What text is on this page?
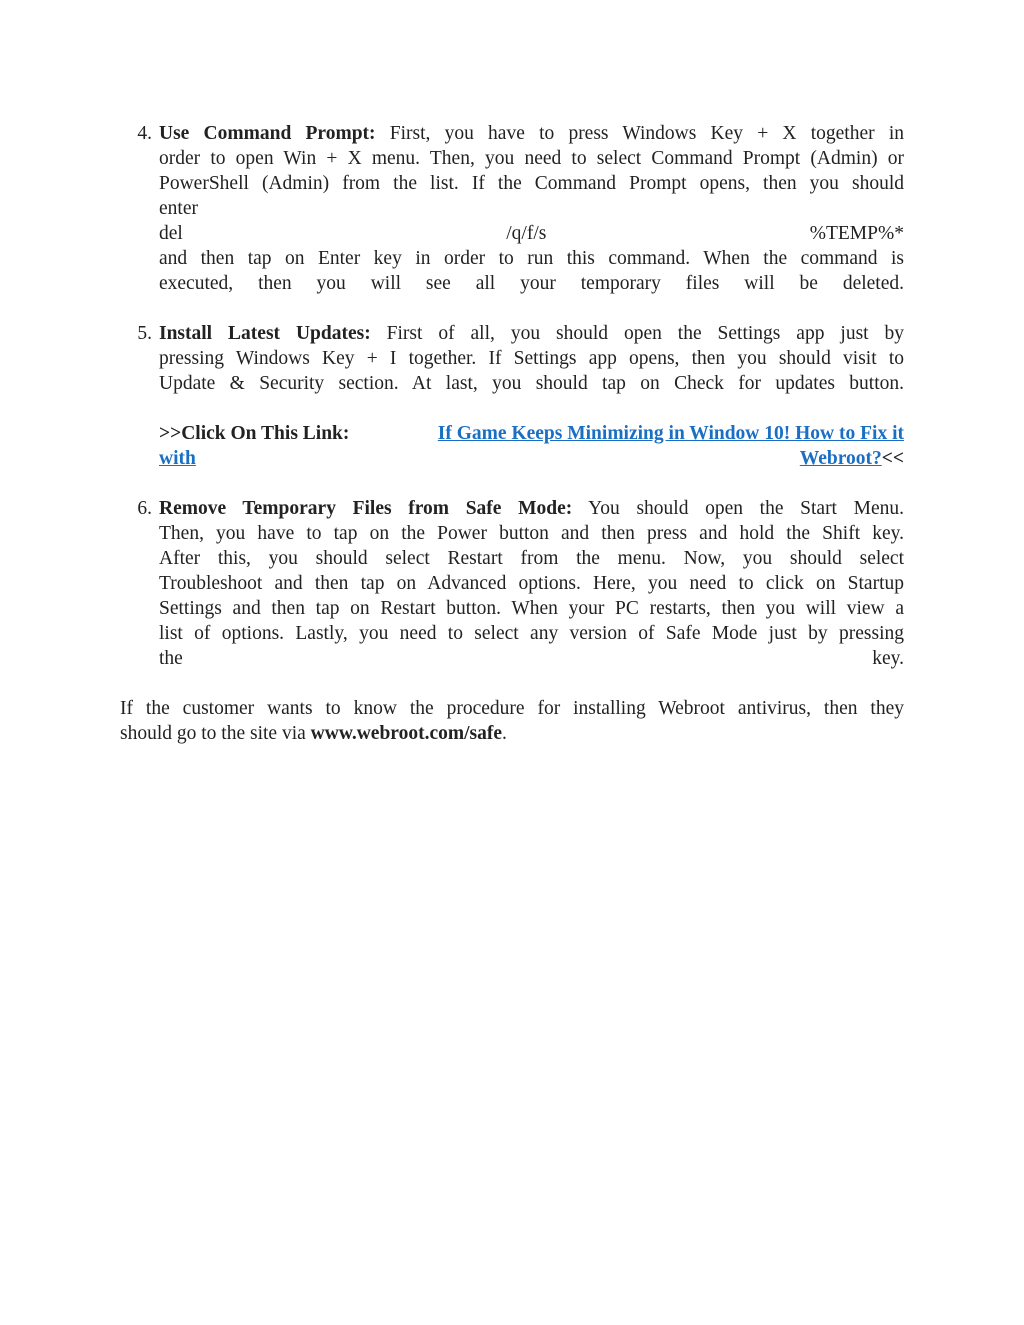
4. Use Command Prompt: First, you have to press Windows Key + X together in
order to open Win + X menu. Then, you need to select Command Prompt (Admin) or
PowerShell (Admin) from the list. If the Command Prompt opens, then you should
enter
del	/q/f/s	%TEMP%*
and then tap on Enter key in order to run this command. When the command is
executed, then you will see all your temporary files will be deleted.
5. Install Latest Updates: First of all, you should open the Settings app just by
pressing Windows Key + I together. If Settings app opens, then you should visit to
Update & Security section. At last, you should tap on Check for updates button.
>>Click On This Link:	If Game Keeps Minimizing in Window 10! How to Fix it
with	Webroot?<<
6. Remove Temporary Files from Safe Mode: You should open the Start Menu.
Then, you have to tap on the Power button and then press and hold the Shift key.
After this, you should select Restart from the menu. Now, you should select
Troubleshoot and then tap on Advanced options. Here, you need to click on Startup
Settings and then tap on Restart button. When your PC restarts, then you will view a
list of options. Lastly, you need to select any version of Safe Mode just by pressing
the	key.
If the customer wants to know the procedure for installing Webroot antivirus, then they
should go to the site via www.webroot.com/safe.
